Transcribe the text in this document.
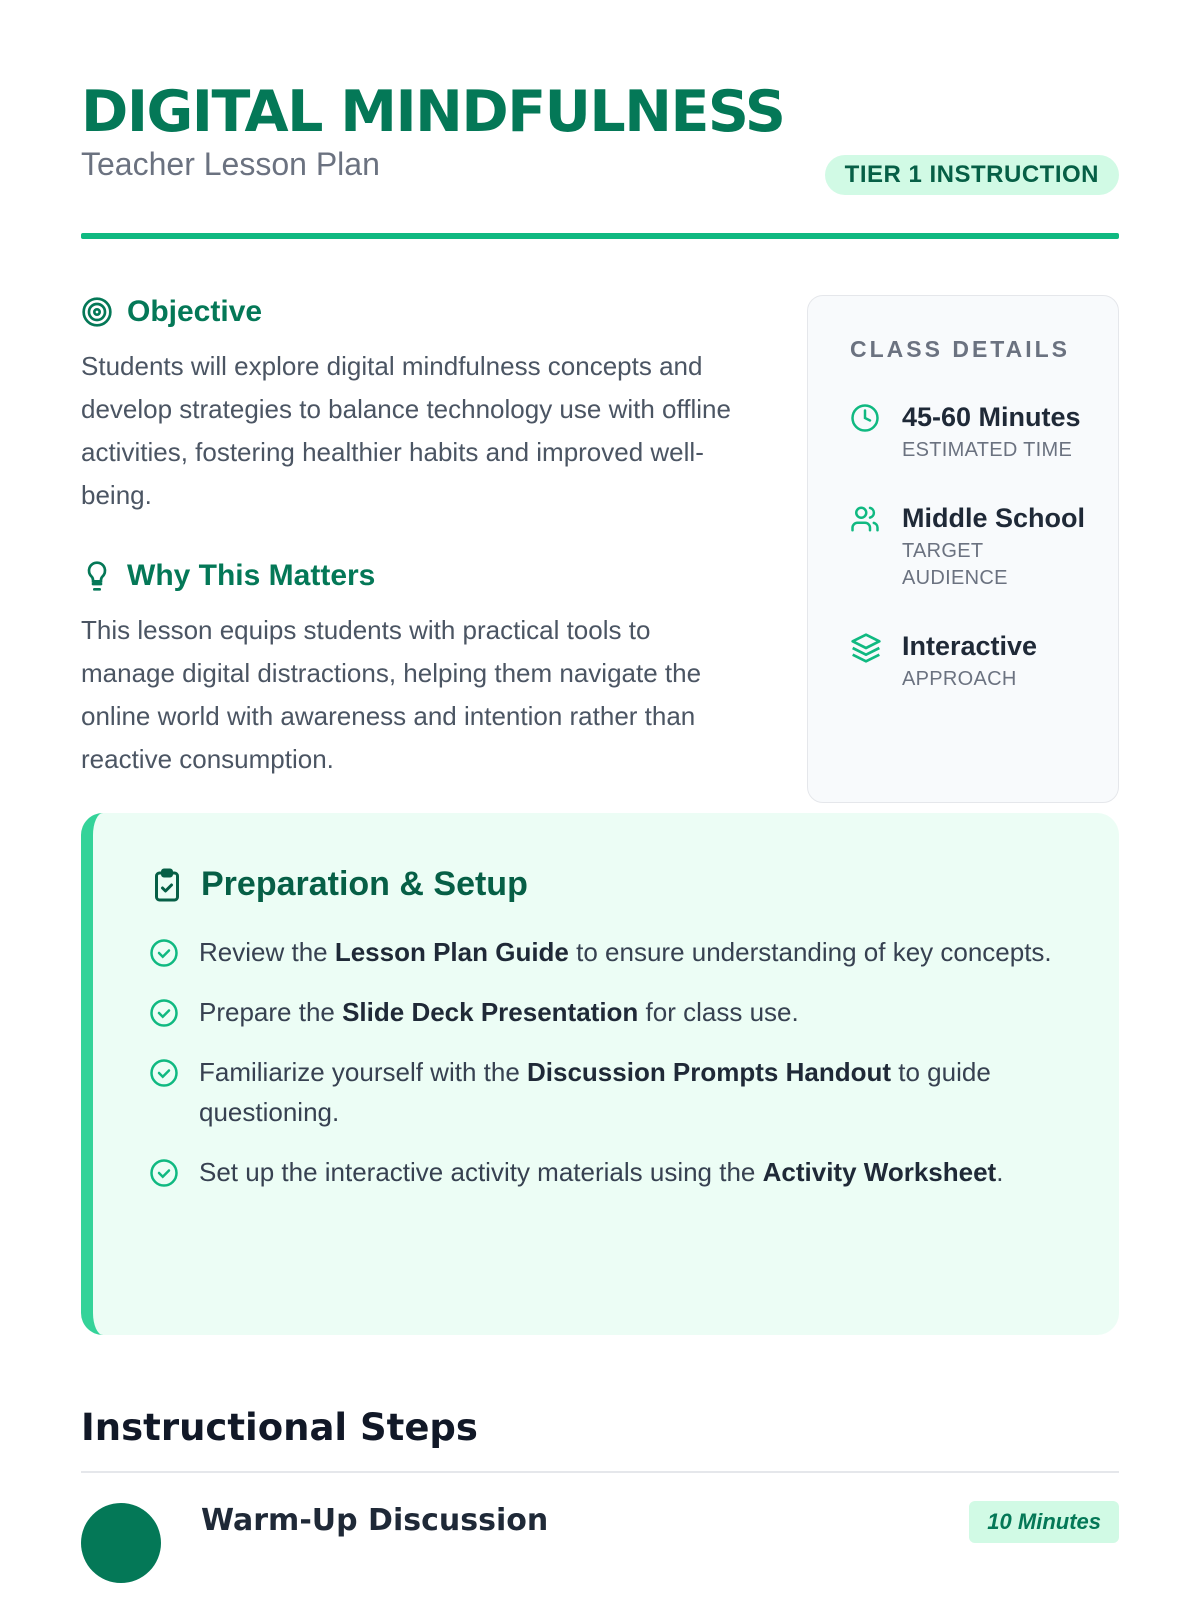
DIGITAL MINDFULNESS
Teacher Lesson Plan	TIER 1 INSTRUCTION
Objective

Students will explore digital mindfulness concepts and develop strategies to balance technology use with offline activities, fostering healthier habits and improved well-being.

Why This Matters

This lesson equips students with practical tools to manage digital distractions, helping them navigate the online world with awareness and intention rather than reactive consumption.

CLASS DETAILS
45-60 Minutes
ESTIMATED TIME
Middle School
TARGET AUDIENCE
Interactive
APPROACH
Preparation & Setup
Review the Lesson Plan Guide to ensure understanding of key concepts.
Prepare the Slide Deck Presentation for class use.
Familiarize yourself with the Discussion Prompts Handout to guide questioning.
Set up the interactive activity materials using the Activity Worksheet.
Instructional Steps
Warm-Up Discussion	10 Minutes
